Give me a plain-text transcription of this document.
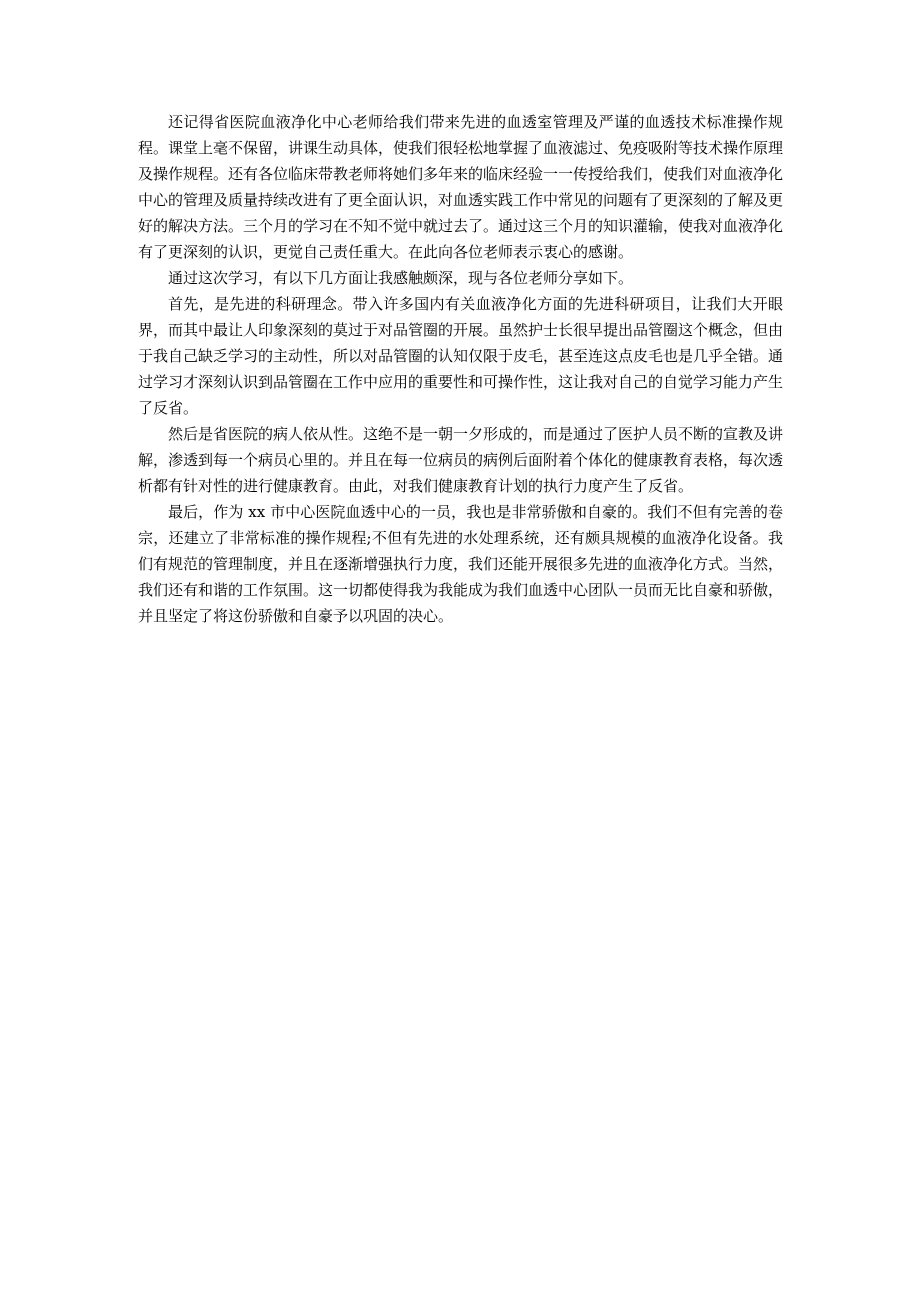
还记得省医院血液净化中心老师给我们带来先进的血透室管理及严谨的血透技术标准操作规程。课堂上毫不保留，讲课生动具体，使我们很轻松地掌握了血液滤过、免疫吸附等技术操作原理及操作规程。还有各位临床带教老师将她们多年来的临床经验一一传授给我们，使我们对血液净化中心的管理及质量持续改进有了更全面认识，对血透实践工作中常见的问题有了更深刻的了解及更好的解决方法。三个月的学习在不知不觉中就过去了。通过这三个月的知识灌输，使我对血液净化有了更深刻的认识，更觉自己责任重大。在此向各位老师表示衷心的感谢。

通过这次学习，有以下几方面让我感触颇深，现与各位老师分享如下。

首先，是先进的科研理念。带入许多国内有关血液净化方面的先进科研项目，让我们大开眼界，而其中最让人印象深刻的莫过于对品管圈的开展。虽然护士长很早提出品管圈这个概念，但由于我自己缺乏学习的主动性，所以对品管圈的认知仅限于皮毛，甚至连这点皮毛也是几乎全错。通过学习才深刻认识到品管圈在工作中应用的重要性和可操作性，这让我对自己的自觉学习能力产生了反省。

然后是省医院的病人依从性。这绝不是一朝一夕形成的，而是通过了医护人员不断的宣教及讲解，渗透到每一个病员心里的。并且在每一位病员的病例后面附着个体化的健康教育表格，每次透析都有针对性的进行健康教育。由此，对我们健康教育计划的执行力度产生了反省。

最后，作为 xx 市中心医院血透中心的一员，我也是非常骄傲和自豪的。我们不但有完善的卷宗，还建立了非常标准的操作规程;不但有先进的水处理系统，还有颇具规模的血液净化设备。我们有规范的管理制度，并且在逐渐增强执行力度，我们还能开展很多先进的血液净化方式。当然，我们还有和谐的工作氛围。这一切都使得我为我能成为我们血透中心团队一员而无比自豪和骄傲，并且坚定了将这份骄傲和自豪予以巩固的决心。
